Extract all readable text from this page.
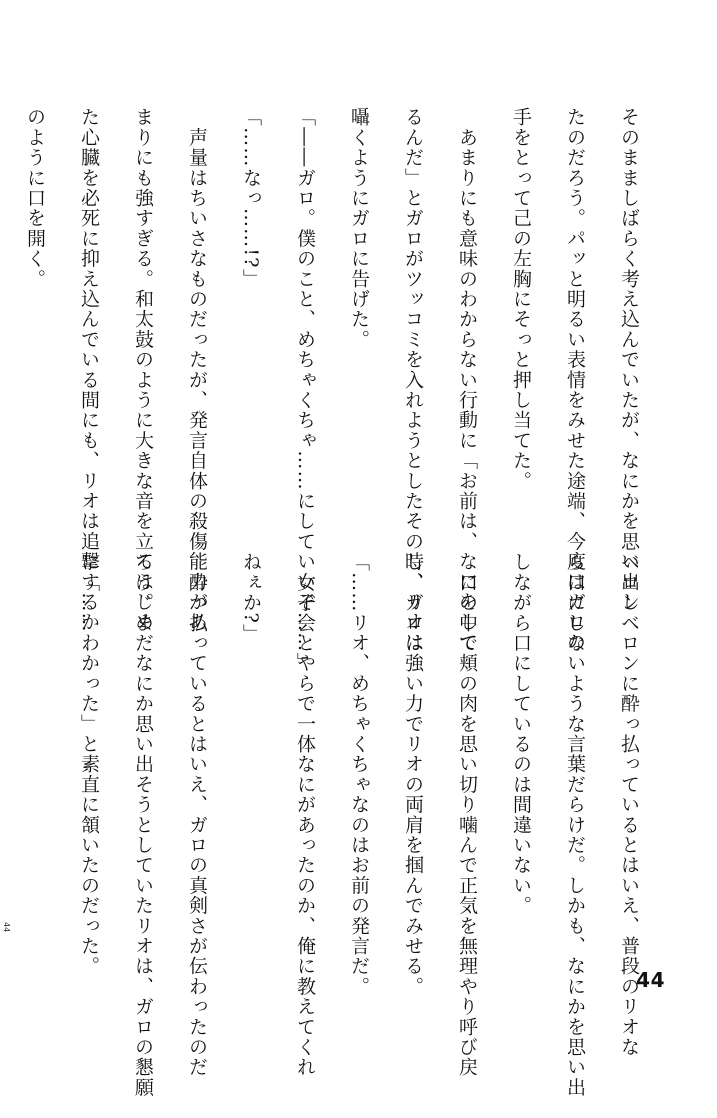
そのまましばらく考え込んでいたが、なにかを思い出し

たのだろう。パッと明るい表情をみせた途端、今度はガロの

手をとって己の左胸にそっと押し当てた。

　あまりにも意味のわからない行動に「お前は、なにをして

るんだ」とガロがツッコミを入れようとしたその時、リオは

囁くようにガロに告げた。

「――ガロ。僕のこと、めちゃくちゃ……にしていいぞ……」

「……なっ……!?」

　声量はちいさなものだったが、発言自体の殺傷能力があ

まりにも強すぎる。和太鼓のように大きな音を立てはじめ

た心臓を必死に抑え込んでいる間にも、リオは追撃するか

のように口を開く。

ベロンベロンに酔っ払っているとはいえ、普段のリオな

ら口にしないような言葉だらけだ。しかも、なにかを思い出

しながら口にしているのは間違いない。

　口の中で頬の肉を思い切り噛んで正気を無理やり呼び戻

し、ガロは強い力でリオの両肩を掴んでみせる。

「……リオ、めちゃくちゃなのはお前の発言だ。

　女子会とやらで一体なにがあったのか、俺に教えてくれ

ねぇか?」

　酔っ払っているとはいえ、ガロの真剣さが伝わったのだ

ろう。まだなにか思い出そうとしていたリオは、ガロの懇願

に「……わかった」と素直に頷いたのだった。

44
44
